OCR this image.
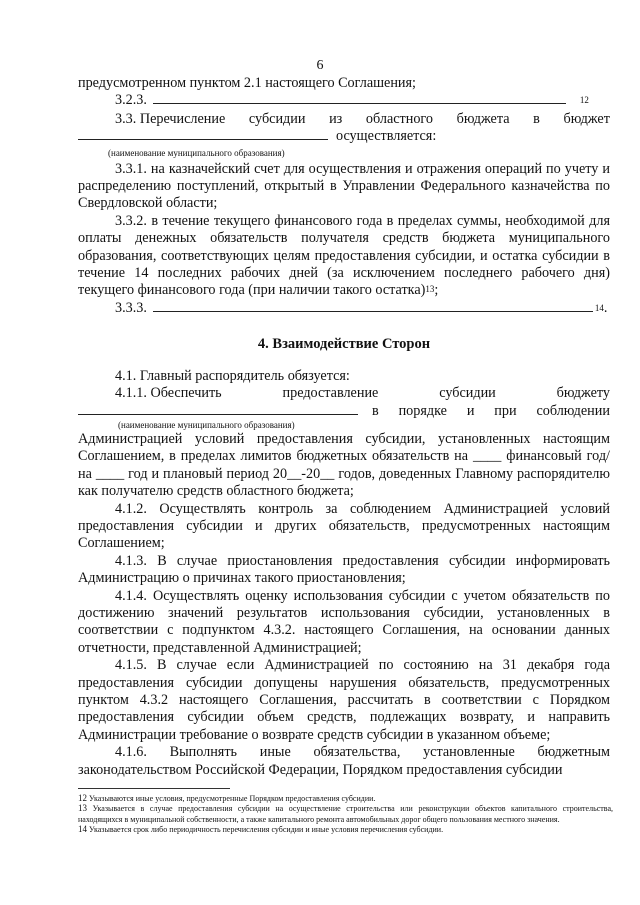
6

предусмотренном пунктом 2.1 настоящего Соглашения;

3.2.3.	12
3.3. Перечисление субсидии из областного бюджета в бюджет
осуществляется:
(наименование муниципального образования)

3.3.1. на казначейский счет для осуществления и отражения операций по учету и распределению поступлений, открытый в Управлении Федерального казначейства по Свердловской области;

3.3.2. в течение текущего финансового года в пределах суммы, необходимой для оплаты денежных обязательств получателя средств бюджета муниципального образования, соответствующих целям предоставления субсидии, и остатка субсидии в течение 14 последних рабочих дней (за исключением последнего рабочего дня) текущего финансового года (при наличии такого остатка)$^{13}$;

3.3.3.	14 .
4. Взаимодействие Сторон

4.1. Главный распорядитель обязуется:

4.1.1. Обеспечить	предоставление	субсидии	бюджету
в порядке и при соблюдении
(наименование муниципального образования)

Администрацией условий предоставления субсидии, установленных настоящим Соглашением, в пределах лимитов бюджетных обязательств на ____ финансовый год/на ____ год и плановый период 20__-20__ годов, доведенных Главному распорядителю как получателю средств областного бюджета;

4.1.2. Осуществлять контроль за соблюдением Администрацией условий предоставления субсидии и других обязательств, предусмотренных настоящим Соглашением;

4.1.3. В случае приостановления предоставления субсидии информировать Администрацию о причинах такого приостановления;

4.1.4. Осуществлять оценку использования субсидии с учетом обязательств по достижению значений результатов использования субсидии, установленных в соответствии с подпунктом 4.3.2. настоящего Соглашения, на основании данных отчетности, представленной Администрацией;

4.1.5. В случае если Администрацией по состоянию на 31 декабря года предоставления субсидии допущены нарушения обязательств, предусмотренных пунктом 4.3.2 настоящего Соглашения, рассчитать в соответствии с Порядком предоставления субсидии объем средств, подлежащих возврату, и направить Администрации требование о возврате средств субсидии в указанном объеме;

4.1.6. Выполнять иные обязательства, установленные бюджетным законодательством Российской Федерации, Порядком предоставления субсидии

12 Указываются иные условия, предусмотренные Порядком предоставления субсидии.
13 Указывается в случае предоставления субсидии на осуществление строительства или реконструкции объектов капитального строительства, находящихся в муниципальной собственности, а также капитального ремонта автомобильных дорог общего пользования местного значения.
14 Указывается срок либо периодичность перечисления субсидии и иные условия перечисления субсидии.
